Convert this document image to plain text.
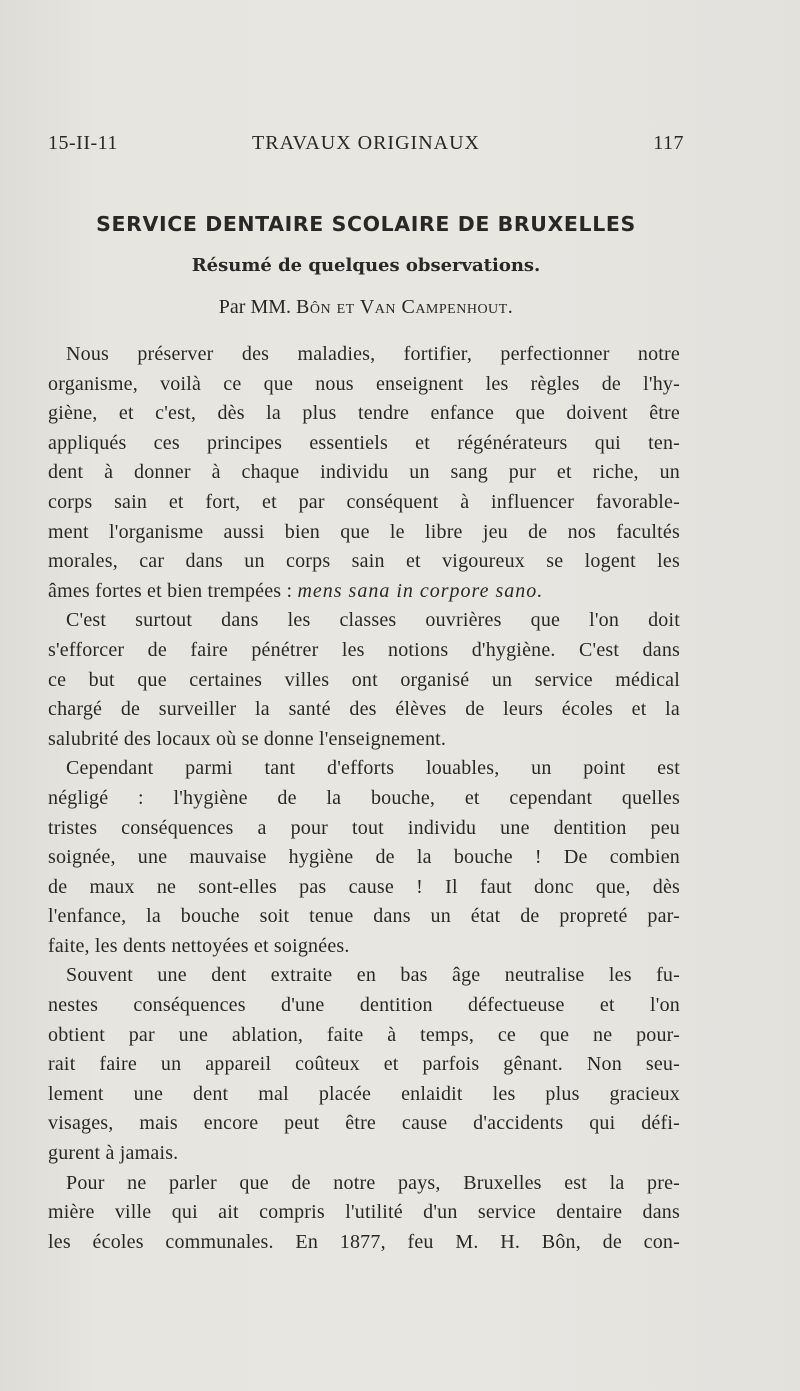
15-II-11	TRAVAUX ORIGINAUX	117
SERVICE DENTAIRE SCOLAIRE DE BRUXELLES
Résumé de quelques observations.
Par MM. Bôn et Van Campenhout.
Nous préserver des maladies, fortifier, perfectionner notre
organisme, voilà ce que nous enseignent les règles de l'hy-
giène, et c'est, dès la plus tendre enfance que doivent être
appliqués ces principes essentiels et régénérateurs qui ten-
dent à donner à chaque individu un sang pur et riche, un
corps sain et fort, et par conséquent à influencer favorable-
ment l'organisme aussi bien que le libre jeu de nos facultés
morales, car dans un corps sain et vigoureux se logent les
âmes fortes et bien trempées : mens sana in corpore sano.
C'est surtout dans les classes ouvrières que l'on doit
s'efforcer de faire pénétrer les notions d'hygiène. C'est dans
ce but que certaines villes ont organisé un service médical
chargé de surveiller la santé des élèves de leurs écoles et la
salubrité des locaux où se donne l'enseignement.
Cependant parmi tant d'efforts louables, un point est
négligé : l'hygiène de la bouche, et cependant quelles
tristes conséquences a pour tout individu une dentition peu
soignée, une mauvaise hygiène de la bouche ! De combien
de maux ne sont-elles pas cause ! Il faut donc que, dès
l'enfance, la bouche soit tenue dans un état de propreté par-
faite, les dents nettoyées et soignées.
Souvent une dent extraite en bas âge neutralise les fu-
nestes conséquences d'une dentition défectueuse et l'on
obtient par une ablation, faite à temps, ce que ne pour-
rait faire un appareil coûteux et parfois gênant. Non seu-
lement une dent mal placée enlaidit les plus gracieux
visages, mais encore peut être cause d'accidents qui défi-
gurent à jamais.
Pour ne parler que de notre pays, Bruxelles est la pre-
mière ville qui ait compris l'utilité d'un service dentaire dans
les écoles communales. En 1877, feu M. H. Bôn, de con-
